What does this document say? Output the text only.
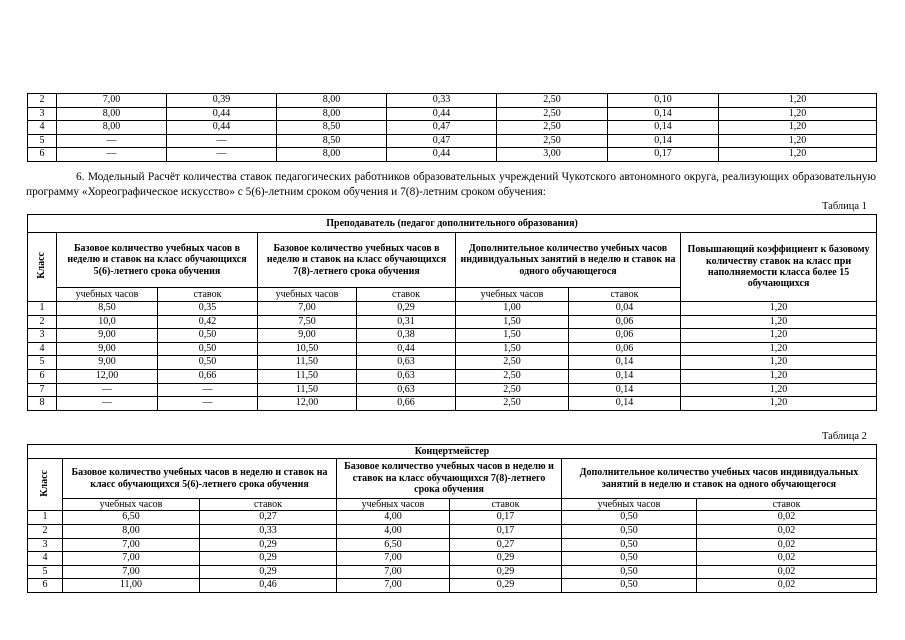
2	7,00	0,39	8,00	0,33	2,50	0,10	1,20
3	8,00	0,44	8,00	0,44	2,50	0,14	1,20
4	8,00	0,44	8,50	0,47	2,50	0,14	1,20
5	—	—	8,50	0,47	2,50	0,14	1,20
6	—	—	8,00	0,44	3,00	0,17	1,20
6. Модельный Расчёт количества ставок педагогических работников образовательных учреждений Чукотского автономного округа, реализующих образовательную программу «Хореографическое искусство» с 5(6)-летним сроком обучения и 7(8)-летним сроком обучения:
Таблица 1
Преподаватель (педагог дополнительного образования)							
Класс	Базовое количество учебных часов в неделю и ставок на класс обучающихся 5(6)-летнего срока обучения		Базовое количество учебных часов в неделю и ставок на класс обучающихся 7(8)-летнего срока обучения		Дополнительное количество учебных часов индивидуальных занятий в неделю и ставок на одного обучающегося		Повышающий коэффициент к базовому количеству ставок на класс при наполняемости класса более 15 обучающихся
	учебных часов	ставок	учебных часов	ставок	учебных часов	ставок	
1	8,50	0,35	7,00	0,29	1,00	0,04	1,20
2	10,0	0,42	7,50	0,31	1,50	0,06	1,20
3	9,00	0,50	9,00	0,38	1,50	0,06	1,20
4	9,00	0,50	10,50	0,44	1,50	0,06	1,20
5	9,00	0,50	11,50	0,63	2,50	0,14	1,20
6	12,00	0,66	11,50	0,63	2,50	0,14	1,20
7	—	—	11,50	0,63	2,50	0,14	1,20
8	—	—	12,00	0,66	2,50	0,14	1,20
Таблица 2
Концертмейстер						
Класс	Базовое количество учебных часов в неделю и ставок на класс обучающихся 5(6)-летнего срока обучения		Базовое количество учебных часов в неделю и ставок на класс обучающихся 7(8)-летнего срока обучения		Дополнительное количество учебных часов индивидуальных занятий в неделю и ставок на одного обучающегося	
	учебных часов	ставок	учебных часов	ставок	учебных часов	ставок
1	6,50	0,27	4,00	0,17	0,50	0,02
2	8,00	0,33	4,00	0,17	0,50	0,02
3	7,00	0,29	6,50	0,27	0,50	0,02
4	7,00	0,29	7,00	0,29	0,50	0,02
5	7,00	0,29	7,00	0,29	0,50	0,02
6	11,00	0,46	7,00	0,29	0,50	0,02
